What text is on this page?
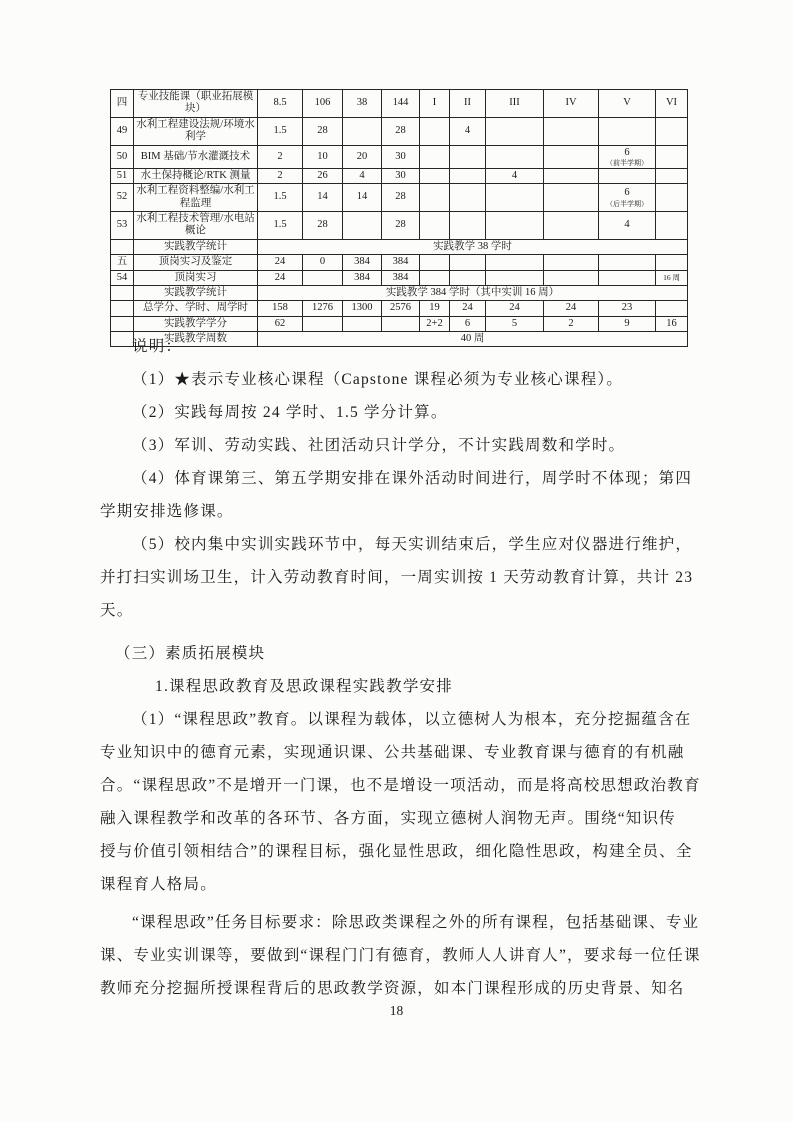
四	专业技能课（职业拓展模块）	8.5	106	38	144	I	II	III	IV	V	VI
49	水利工程建设法规/环境水利学	1.5	28		28		4				
50	BIM 基础/节水灌溉技术	2	10	20	30					6
（前半学期）	

51	水土保持概论/RTK 测量	2	26	4	30			4			
52	水利工程资料整编/水利工程监理	1.5	14	14	28					6
（后半学期）	

53	水利工程技术管理/水电站概论	1.5	28		28					4	
	实践教学统计	实践教学 38 学时									
五	顶岗实习及鉴定	24	0	384	384						
54	顶岗实习	24		384	384						16 周
	实践教学统计	实践教学 384 学时（其中实训 16 周）									
	总学分、学时、周学时	158	1276	1300	2576	19	24	24	24	23	
	实践教学学分	62				2+2	6	5	2	9	16
	实践教学周数	40 周									
说明：
（1）★表示专业核心课程（Capstone 课程必须为专业核心课程）。
（2）实践每周按 24 学时、1.5 学分计算。
（3）军训、劳动实践、社团活动只计学分，不计实践周数和学时。
（4）体育课第三、第五学期安排在课外活动时间进行，周学时不体现；第四
学期安排选修课。
（5）校内集中实训实践环节中，每天实训结束后，学生应对仪器进行维护，
并打扫实训场卫生，计入劳动教育时间，一周实训按 1 天劳动教育计算，共计 23
天。
（三）素质拓展模块
1.课程思政教育及思政课程实践教学安排
（1）“课程思政”教育。以课程为载体，以立德树人为根本，充分挖掘蕴含在
专业知识中的德育元素，实现通识课、公共基础课、专业教育课与德育的有机融
合。“课程思政”不是增开一门课，也不是增设一项活动，而是将高校思想政治教育
融入课程教学和改革的各环节、各方面，实现立德树人润物无声。围绕“知识传
授与价值引领相结合”的课程目标，强化显性思政，细化隐性思政，构建全员、全
课程育人格局。
“课程思政”任务目标要求：除思政类课程之外的所有课程，包括基础课、专业
课、专业实训课等，要做到“课程门门有德育，教师人人讲育人”，要求每一位任课
教师充分挖掘所授课程背后的思政教学资源，如本门课程形成的历史背景、知名
18
